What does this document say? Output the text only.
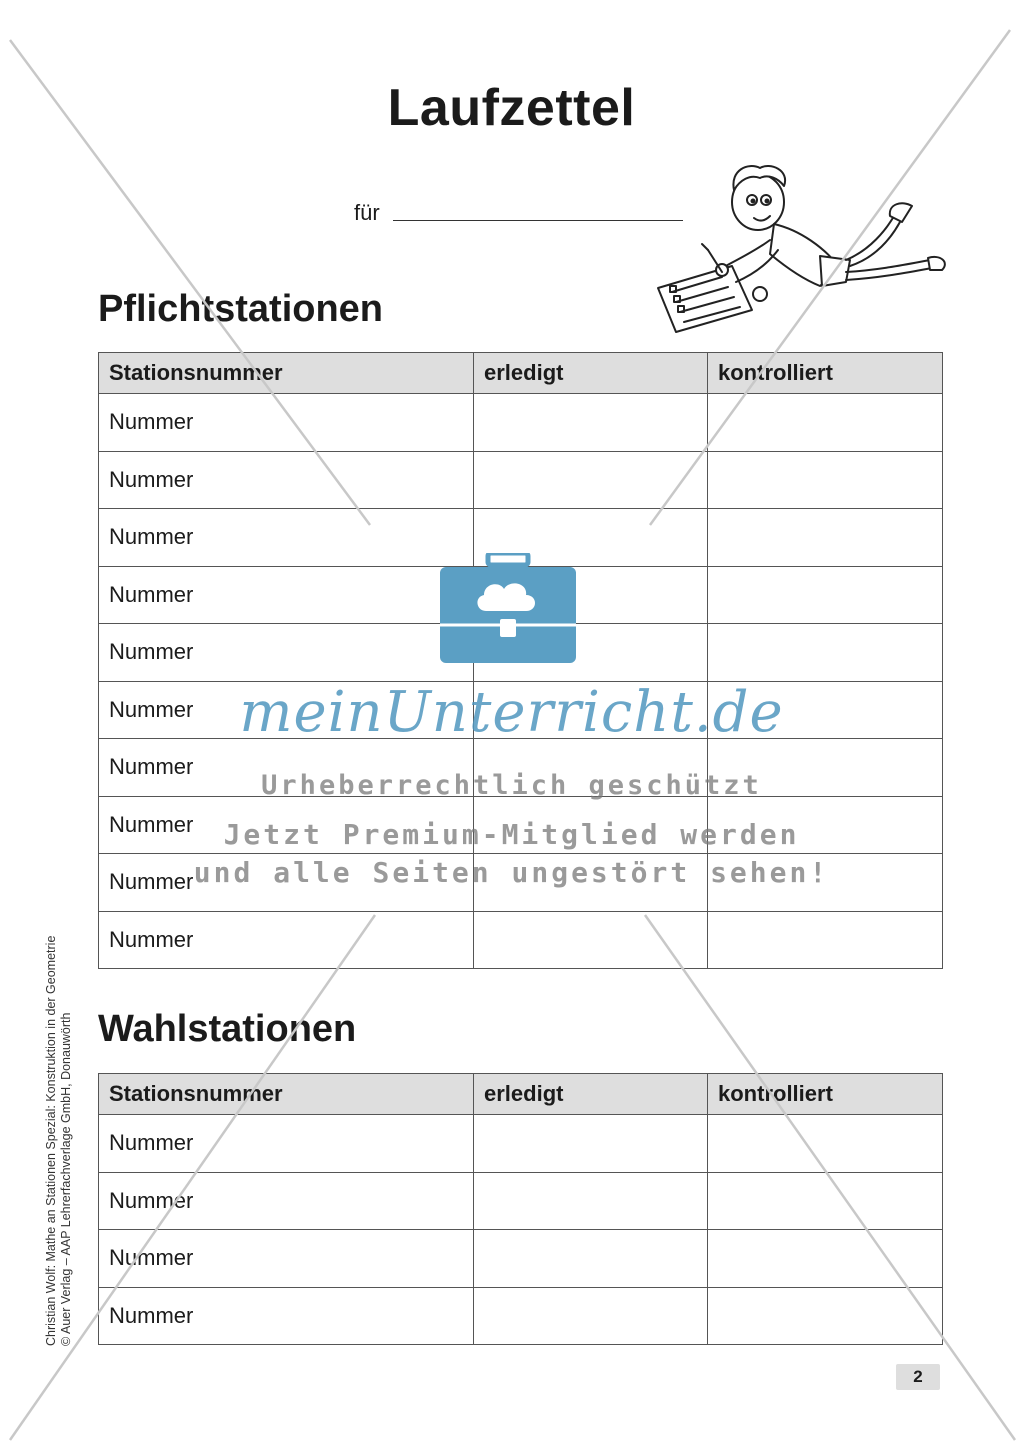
Laufzettel
für
Pflichtstationen
Stationsnummer	erledigt	kontrolliert
Nummer		
Nummer		
Nummer		
Nummer		
Nummer		
Nummer		
Nummer		
Nummer		
Nummer		
Nummer		
Wahlstationen
Stationsnummer	erledigt	kontrolliert
Nummer		
Nummer		
Nummer		
Nummer		
Christian Wolf: Mathe an Stationen Spezial: Konstruktion in der Geometrie © Auer Verlag – AAP Lehrerfachverlage GmbH, Donauwörth
2
meinUnterricht.de
Urheberrechtlich geschützt
Jetzt Premium-Mitglied werden
und alle Seiten ungestört sehen!
